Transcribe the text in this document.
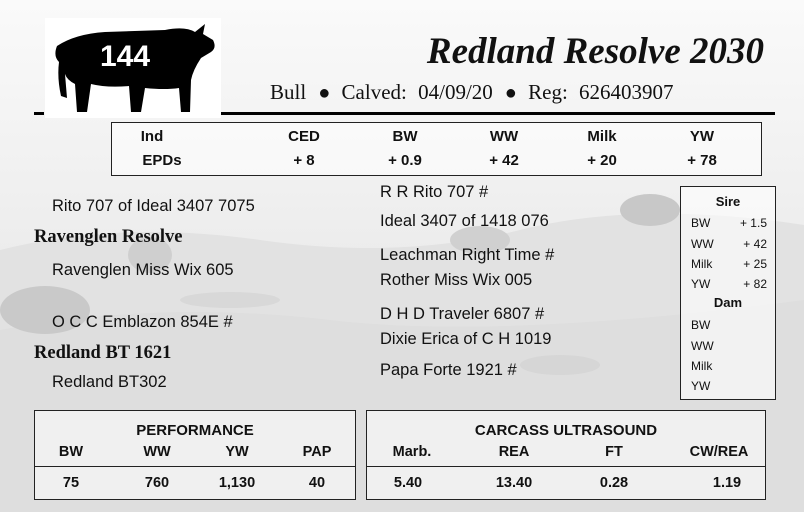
144	Redland Resolve 2030
Bull ● Calved: 04/09/20 ● Reg: 626403907
Ind	CED	BW	WW	Milk	YW
EPDs	+ 8	+ 0.9	+ 42	+ 20	+ 78
Rito 707 of Ideal 3407 7075
Ravenglen Resolve
Ravenglen Miss Wix 605
O C C Emblazon 854E #
Redland BT 1621
Redland BT302
R R Rito 707 #
Ideal 3407 of 1418 076
Leachman Right Time #
Rother Miss Wix 005
D H D Traveler 6807 #
Dixie Erica of C H 1019
Papa Forte 1921 #
Sire
BW + 1.5
WW + 42
Milk	+ 25
YW	+ 82
Dam
BW
WW
Milk
YW
PERFORMANCE
BW	WW	YW	PAP
75	760	1,130	40
CARCASS ULTRASOUND
Marb.	REA	FT	CW/REA
5.40	13.40	0.28	1.19
